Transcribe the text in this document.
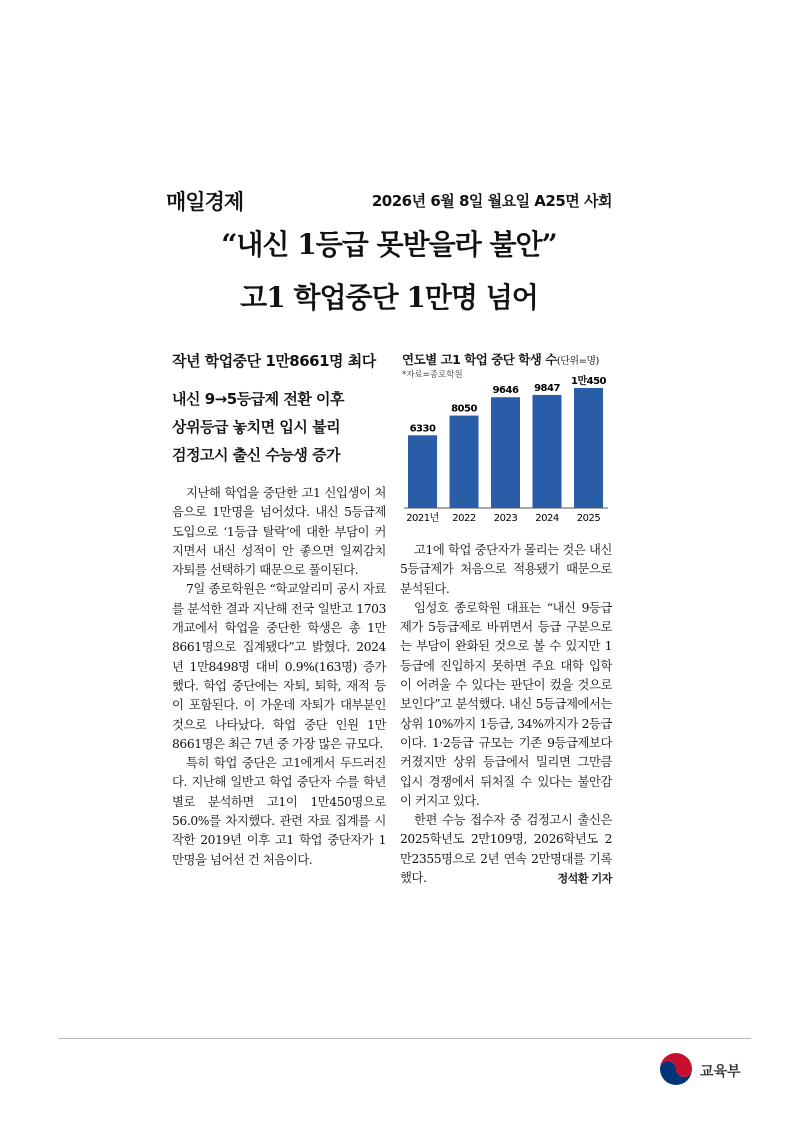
매일경제	2026년 6월 8일 월요일 A25면 사회
“내신 1등급 못받을라 불안”
고1 학업중단 1만명 넘어
작년 학업중단 1만8661명 최다
내신 9→5등급제 전환 이후
상위등급 놓치면 입시 불리
검정고시 출신 수능생 증가
연도별 고1 학업 중단 학생 수(단위=명)
*자료=종로학원
6330
2021년
8050
2022
9646
2023
9847
2024
1만450
2025

지난해 학업을 중단한 고1 신입생이 처음으로 1만명을 넘어섰다. 내신 5등급제 도입으로 ‘1등급 탈락’에 대한 부담이 커지면서 내신 성적이 안 좋으면 일찌감치 자퇴를 선택하기 때문으로 풀이된다.

7일 종로학원은 “학교알리미 공시 자료를 분석한 결과 지난해 전국 일반고 1703개교에서 학업을 중단한 학생은 총 1만8661명으로 집계됐다”고 밝혔다. 2024년 1만8498명 대비 0.9%(163명) 증가했다. 학업 중단에는 자퇴, 퇴학, 재적 등이 포함된다. 이 가운데 자퇴가 대부분인 것으로 나타났다. 학업 중단 인원 1만8661명은 최근 7년 중 가장 많은 규모다.

특히 학업 중단은 고1에게서 두드러진다. 지난해 일반고 학업 중단자 수를 학년별로 분석하면 고1이 1만450명으로 56.0%를 차지했다. 관련 자료 집계를 시작한 2019년 이후 고1 학업 중단자가 1만명을 넘어선 건 처음이다.

고1에 학업 중단자가 몰리는 것은 내신 5등급제가 처음으로 적용됐기 때문으로 분석된다.

임성호 종로학원 대표는 “내신 9등급제가 5등급제로 바뀌면서 등급 구분으로는 부담이 완화된 것으로 볼 수 있지만 1등급에 진입하지 못하면 주요 대학 입학이 어려울 수 있다는 판단이 컸을 것으로 보인다”고 분석했다. 내신 5등급제에서는 상위 10%까지 1등급, 34%까지가 2등급이다. 1·2등급 규모는 기존 9등급제보다 커졌지만 상위 등급에서 밀리면 그만큼 입시 경쟁에서 뒤처질 수 있다는 불안감이 커지고 있다.

한편 수능 접수자 중 검정고시 출신은 2025학년도 2만109명, 2026학년도 2만2355명으로 2년 연속 2만명대를 기록했다.	정석환 기자

교육부
